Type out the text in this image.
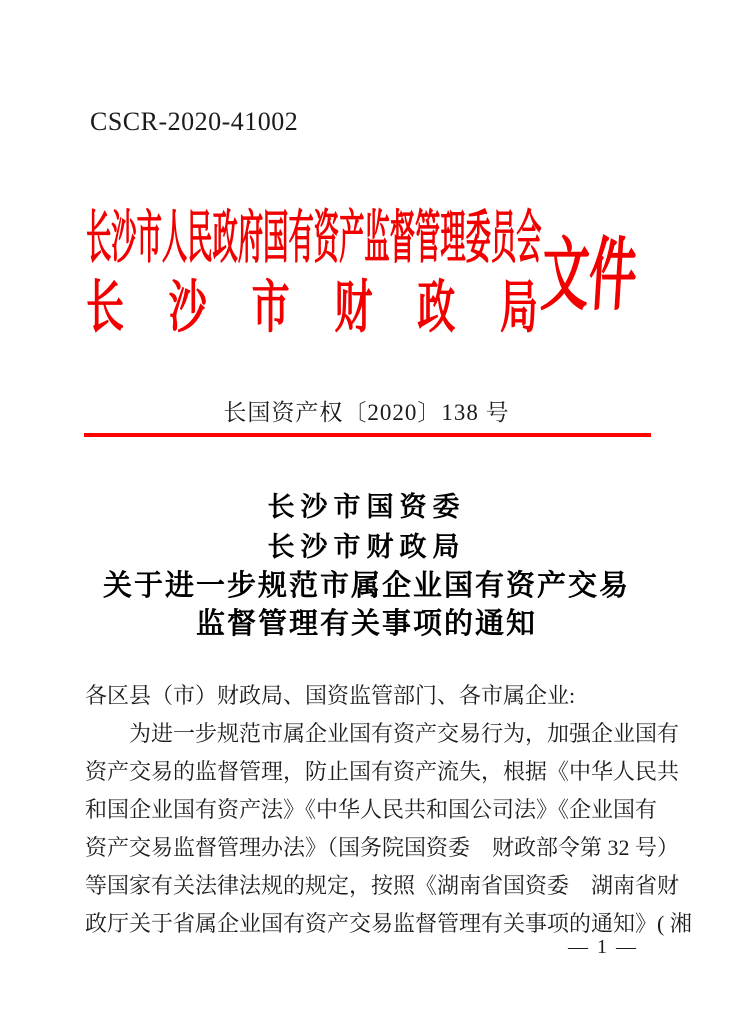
CSCR-2020-41002
长沙市人民政府国有资产监督管理委员会
长 沙 市 财 政 局 文件
长国资产权〔2020〕138 号
长沙市国资委
长沙市财政局
关于进一步规范市属企业国有资产交易
监督管理有关事项的通知
各区县（市）财政局、国资监管部门、各市属企业:
　　为进一步规范市属企业国有资产交易行为，加强企业国有
资产交易的监督管理，防止国有资产流失，根据《中华人民共
和国企业国有资产法》《中华人民共和国公司法》《企业国有
资产交易监督管理办法》（国务院国资委　财政部令第 32 号）
等国家有关法律法规的规定，按照《湖南省国资委　湖南省财
政厅关于省属企业国有资产交易监督管理有关事项的通知》( 湘
— 1 —
